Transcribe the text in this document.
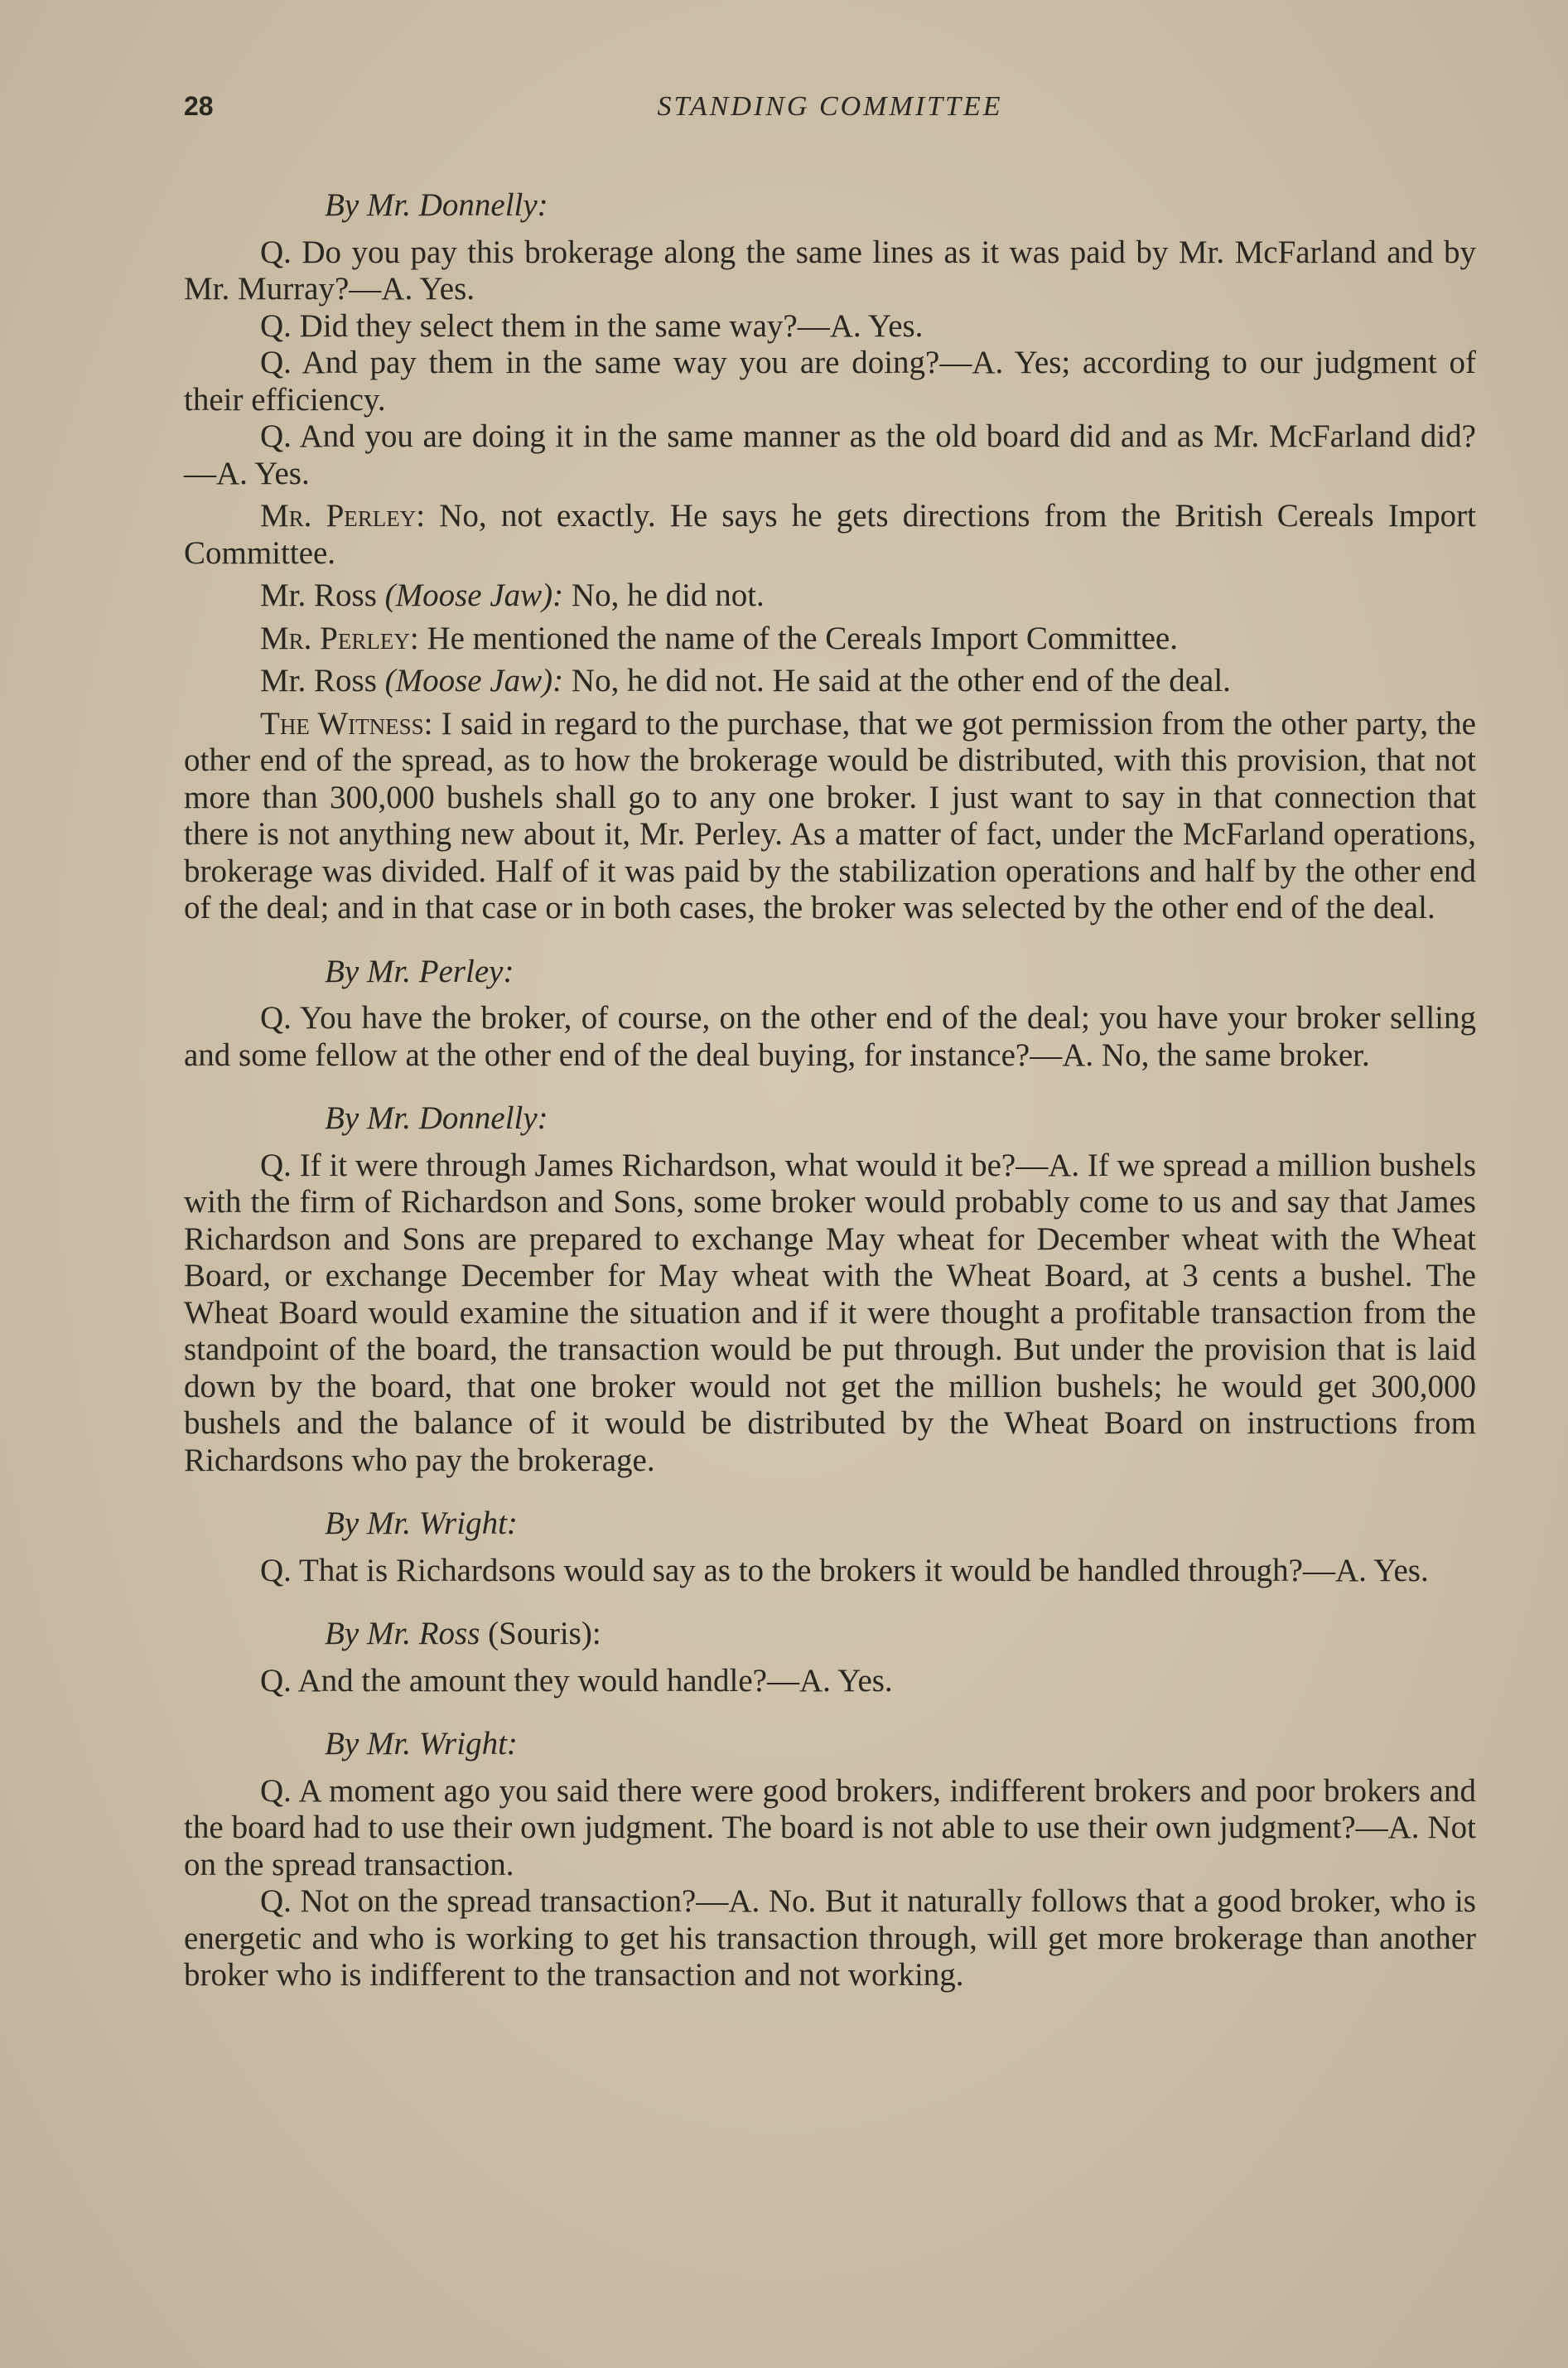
28	STANDING COMMITTEE

By Mr. Donnelly:

Q. Do you pay this brokerage along the same lines as it was paid by Mr. McFarland and by Mr. Murray?—A. Yes.

Q. Did they select them in the same way?—A. Yes.

Q. And pay them in the same way you are doing?—A. Yes; according to our judgment of their efficiency.

Q. And you are doing it in the same manner as the old board did and as Mr. McFarland did?—A. Yes.

Mr. Perley: No, not exactly. He says he gets directions from the British Cereals Import Committee.

Mr. Ross (Moose Jaw): No, he did not.

Mr. Perley: He mentioned the name of the Cereals Import Committee.

Mr. Ross (Moose Jaw): No, he did not. He said at the other end of the deal.

The Witness: I said in regard to the purchase, that we got permission from the other party, the other end of the spread, as to how the brokerage would be distributed, with this provision, that not more than 300,000 bushels shall go to any one broker. I just want to say in that connection that there is not anything new about it, Mr. Perley. As a matter of fact, under the McFarland operations, brokerage was divided. Half of it was paid by the stabilization operations and half by the other end of the deal; and in that case or in both cases, the broker was selected by the other end of the deal.

By Mr. Perley:

Q. You have the broker, of course, on the other end of the deal; you have your broker selling and some fellow at the other end of the deal buying, for instance?—A. No, the same broker.

By Mr. Donnelly:

Q. If it were through James Richardson, what would it be?—A. If we spread a million bushels with the firm of Richardson and Sons, some broker would probably come to us and say that James Richardson and Sons are prepared to exchange May wheat for December wheat with the Wheat Board, or exchange December for May wheat with the Wheat Board, at 3 cents a bushel. The Wheat Board would examine the situation and if it were thought a profitable transaction from the standpoint of the board, the transaction would be put through. But under the provision that is laid down by the board, that one broker would not get the million bushels; he would get 300,000 bushels and the balance of it would be distributed by the Wheat Board on instructions from Richardsons who pay the brokerage.

By Mr. Wright:

Q. That is Richardsons would say as to the brokers it would be handled through?—A. Yes.

By Mr. Ross (Souris):

Q. And the amount they would handle?—A. Yes.

By Mr. Wright:

Q. A moment ago you said there were good brokers, indifferent brokers and poor brokers and the board had to use their own judgment. The board is not able to use their own judgment?—A. Not on the spread transaction.

Q. Not on the spread transaction?—A. No. But it naturally follows that a good broker, who is energetic and who is working to get his transaction through, will get more brokerage than another broker who is indifferent to the transaction and not working.
